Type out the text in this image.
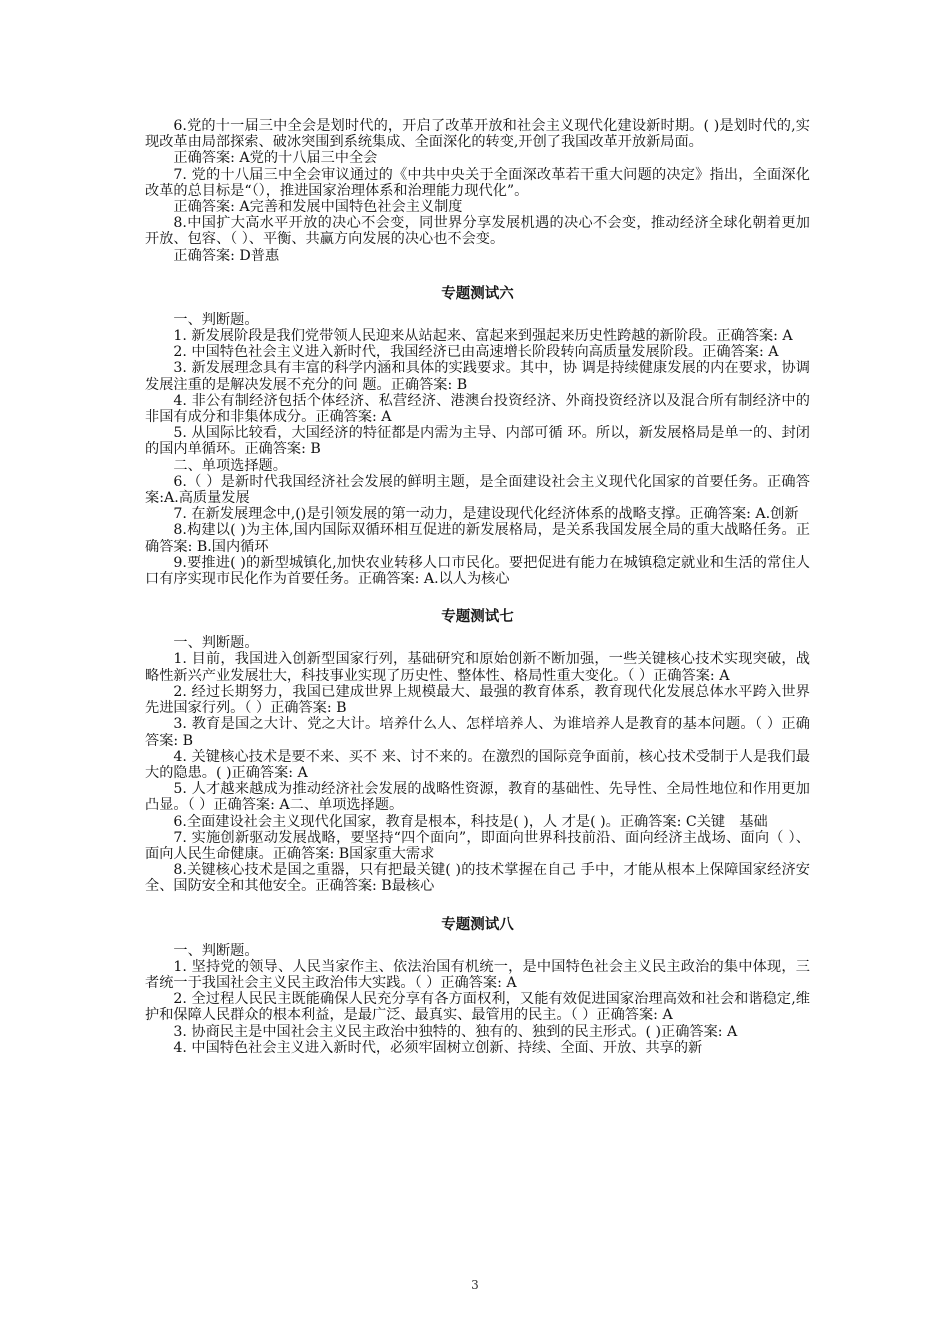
6.党的十一届三中全会是划时代的，开启了改革开放和社会主义现代化建设新时期。( )是划时代的,实现改革由局部探索、破冰突围到系统集成、全面深化的转变,开创了我国改革开放新局面。

正确答案: A党的十八届三中全会

7. 党的十八届三中全会审议通过的《中共中央关于全面深改革若干重大问题的决定》指出，全面深化改革的总目标是“（），推进国家治理体系和治理能力现代化”。

正确答案: A完善和发展中国特色社会主义制度

8.中国扩大高水平开放的决心不会变，同世界分享发展机遇的决心不会变，推动经济全球化朝着更加开放、包容、（ ）、平衡、共赢方向发展的决心也不会变。

正确答案: D普惠

专题测试六

一、判断题。

1. 新发展阶段是我们党带领人民迎来从站起来、富起来到强起来历史性跨越的新阶段。正确答案: A

2. 中国特色社会主义进入新时代，我国经济已由高速增长阶段转向高质量发展阶段。正确答案: A

3. 新发展理念具有丰富的科学内涵和具体的实践要求。其中，协 调是持续健康发展的内在要求，协调发展注重的是解决发展不充分的问 题。正确答案: B

4. 非公有制经济包括个体经济、私营经济、港澳台投资经济、外商投资经济以及混合所有制经济中的非国有成分和非集体成分。正确答案: A

5. 从国际比较看，大国经济的特征都是内需为主导、内部可循 环。所以，新发展格局是单一的、封闭的国内单循环。正确答案: B

二、单项选择题。

6.（ ）是新时代我国经济社会发展的鲜明主题，是全面建设社会主义现代化国家的首要任务。正确答案:A.高质量发展

7. 在新发展理念中,()是引领发展的第一动力，是建设现代化经济体系的战略支撑。正确答案: A.创新

8.构建以( )为主体,国内国际双循环相互促进的新发展格局，是关系我国发展全局的重大战略任务。正确答案: B.国内循环

9.要推进( )的新型城镇化,加快农业转移人口市民化。要把促进有能力在城镇稳定就业和生活的常住人口有序实现市民化作为首要任务。正确答案: A.以人为核心

专题测试七

一、判断题。

1. 目前，我国进入创新型国家行列，基础研究和原始创新不断加强，一些关键核心技术实现突破，战略性新兴产业发展壮大，科技事业实现了历史性、整体性、格局性重大变化。（ ）正确答案: A

2. 经过长期努力，我国已建成世界上规模最大、最强的教育体系，教育现代化发展总体水平跨入世界先进国家行列。（ ）正确答案: B

3. 教育是国之大计、党之大计。培养什么人、怎样培养人、为谁培养人是教育的基本问题。（ ）正确答案: B

4. 关键核心技术是要不来、买不 来、讨不来的。在激烈的国际竞争面前，核心技术受制于人是我们最大的隐患。( )正确答案: A

5. 人才越来越成为推动经济社会发展的战略性资源，教育的基础性、先导性、全局性地位和作用更加凸显。（ ）正确答案: A二、单项选择题。

6.全面建设社会主义现代化国家，教育是根本，科技是( )，人 才是( )。正确答案: C关键　基础

7. 实施创新驱动发展战略，要坚持“四个面向”，即面向世界科技前沿、面向经济主战场、面向（ ）、面向人民生命健康。正确答案: B国家重大需求

8.关键核心技术是国之重器，只有把最关键( )的技术掌握在自己 手中，才能从根本上保障国家经济安全、国防安全和其他安全。正确答案: B最核心

专题测试八

一、判断题。

1. 坚持党的领导、人民当家作主、依法治国有机统一，是中国特色社会主义民主政治的集中体现，三者统一于我国社会主义民主政治伟大实践。（ ）正确答案: A

2. 全过程人民民主既能确保人民充分享有各方面权利，又能有效促进国家治理高效和社会和谐稳定,维护和保障人民群众的根本利益，是最广泛、最真实、最管用的民主。（ ）正确答案: A

3. 协商民主是中国社会主义民主政治中独特的、独有的、独到的民主形式。( )正确答案: A

4. 中国特色社会主义进入新时代，必须牢固树立创新、持续、全面、开放、共享的新

3
